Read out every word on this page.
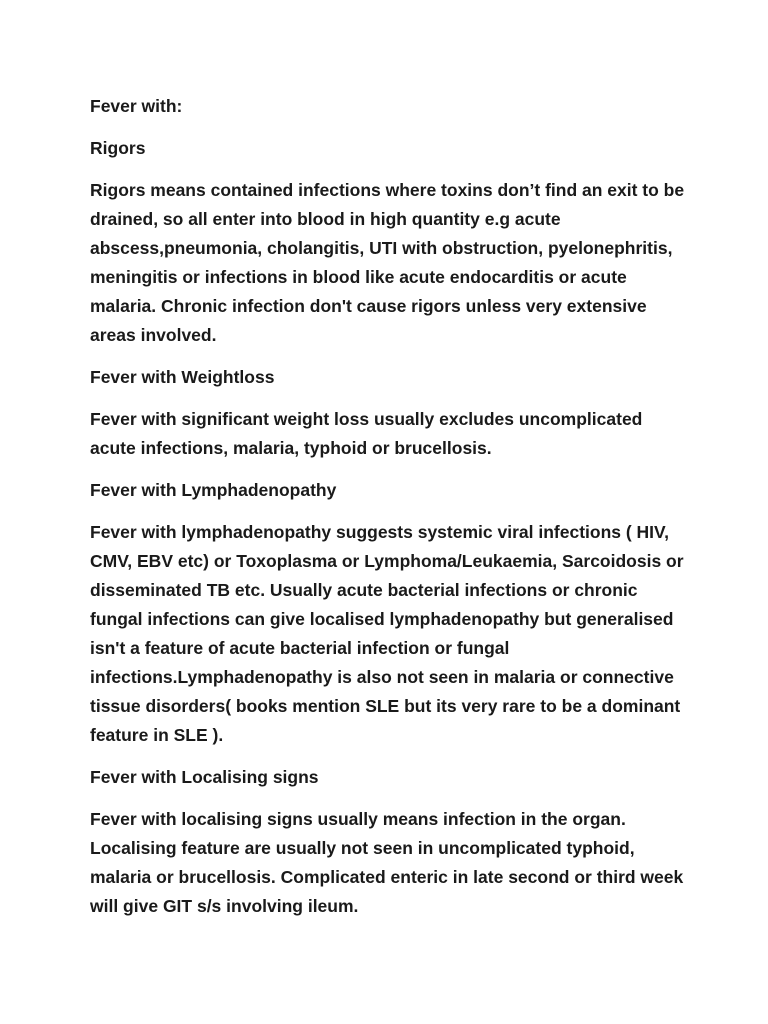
Fever with:

Rigors

Rigors means contained infections where toxins don’t find an exit to be drained, so all enter into blood in high quantity e.g acute abscess,pneumonia, cholangitis, UTI with obstruction, pyelonephritis, meningitis or infections in blood like acute endocarditis or acute malaria. Chronic infection don't cause rigors unless very extensive areas involved.

Fever with Weightloss

Fever with significant weight loss usually excludes uncomplicated acute infections, malaria, typhoid or brucellosis.

Fever with Lymphadenopathy

Fever with lymphadenopathy suggests systemic viral infections ( HIV, CMV, EBV etc) or Toxoplasma or Lymphoma/Leukaemia, Sarcoidosis or disseminated TB etc. Usually acute bacterial infections or chronic fungal infections can give localised lymphadenopathy but generalised isn't a feature of acute bacterial infection or fungal infections.Lymphadenopathy is also not seen in malaria or connective tissue disorders( books mention SLE but its very rare to be a dominant feature in SLE ).

Fever with Localising signs

Fever with localising signs usually means infection in the organ. Localising feature are usually not seen in uncomplicated typhoid, malaria or brucellosis. Complicated enteric in late second or third week will give GIT s/s involving ileum.
